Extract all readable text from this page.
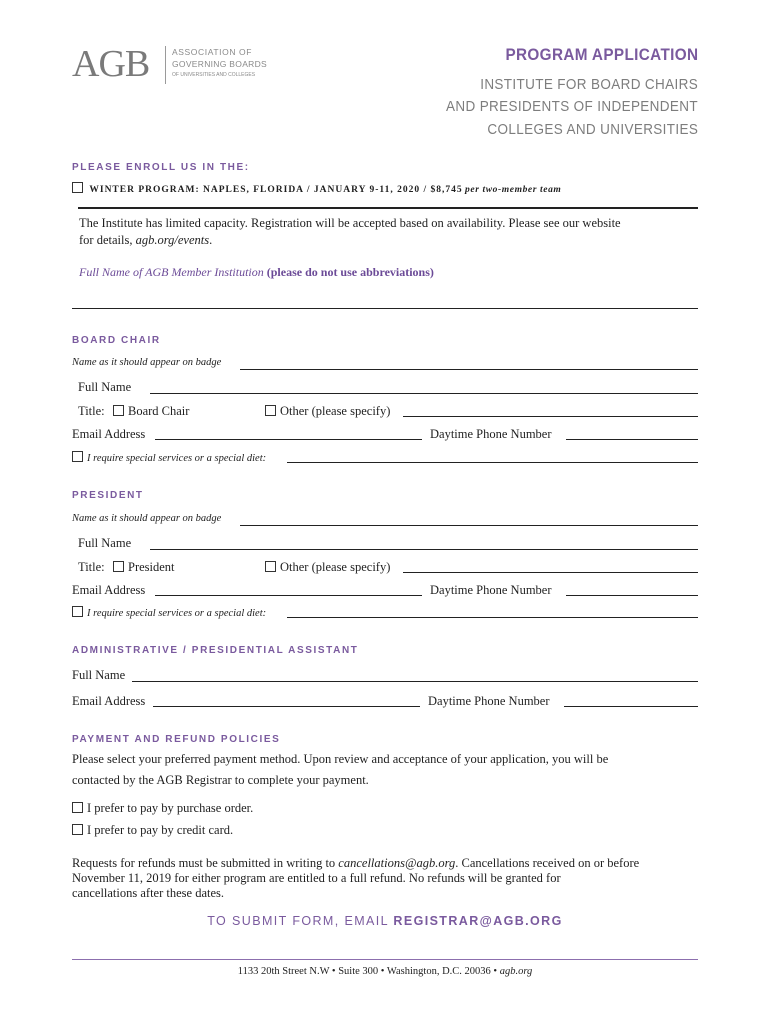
AGB	ASSOCIATION OF
GOVERNING BOARDS
OF UNIVERSITIES AND COLLEGES
PROGRAM APPLICATION
INSTITUTE FOR BOARD CHAIRS
AND PRESIDENTS OF INDEPENDENT
COLLEGES AND UNIVERSITIES
PLEASE ENROLL US IN THE:
WINTER PROGRAM: NAPLES, FLORIDA / JANUARY 9-11, 2020 / $8,745 per two-member team
The Institute has limited capacity. Registration will be accepted based on availability. Please see our website
for details, agb.org/events.
Full Name of AGB Member Institution (please do not use abbreviations)
BOARD CHAIR
Name as it should appear on badge
Full Name
Title:	Board Chair	Other (please specify)
Email Address	Daytime Phone Number
I require special services or a special diet:
PRESIDENT
Name as it should appear on badge
Full Name
Title:	President	Other (please specify)
Email Address	Daytime Phone Number
I require special services or a special diet:
ADMINISTRATIVE / PRESIDENTIAL ASSISTANT
Full Name
Email Address	Daytime Phone Number
PAYMENT AND REFUND POLICIES
Please select your preferred payment method. Upon review and acceptance of your application, you will be
contacted by the AGB Registrar to complete your payment.
I prefer to pay by purchase order.
I prefer to pay by credit card.
Requests for refunds must be submitted in writing to cancellations@agb.org. Cancellations received on or before
November 11, 2019 for either program are entitled to a full refund. No refunds will be granted for
cancellations after these dates.
TO SUBMIT FORM, EMAIL REGISTRAR@AGB.ORG
1133 20th Street N.W • Suite 300 • Washington, D.C. 20036 • agb.org
